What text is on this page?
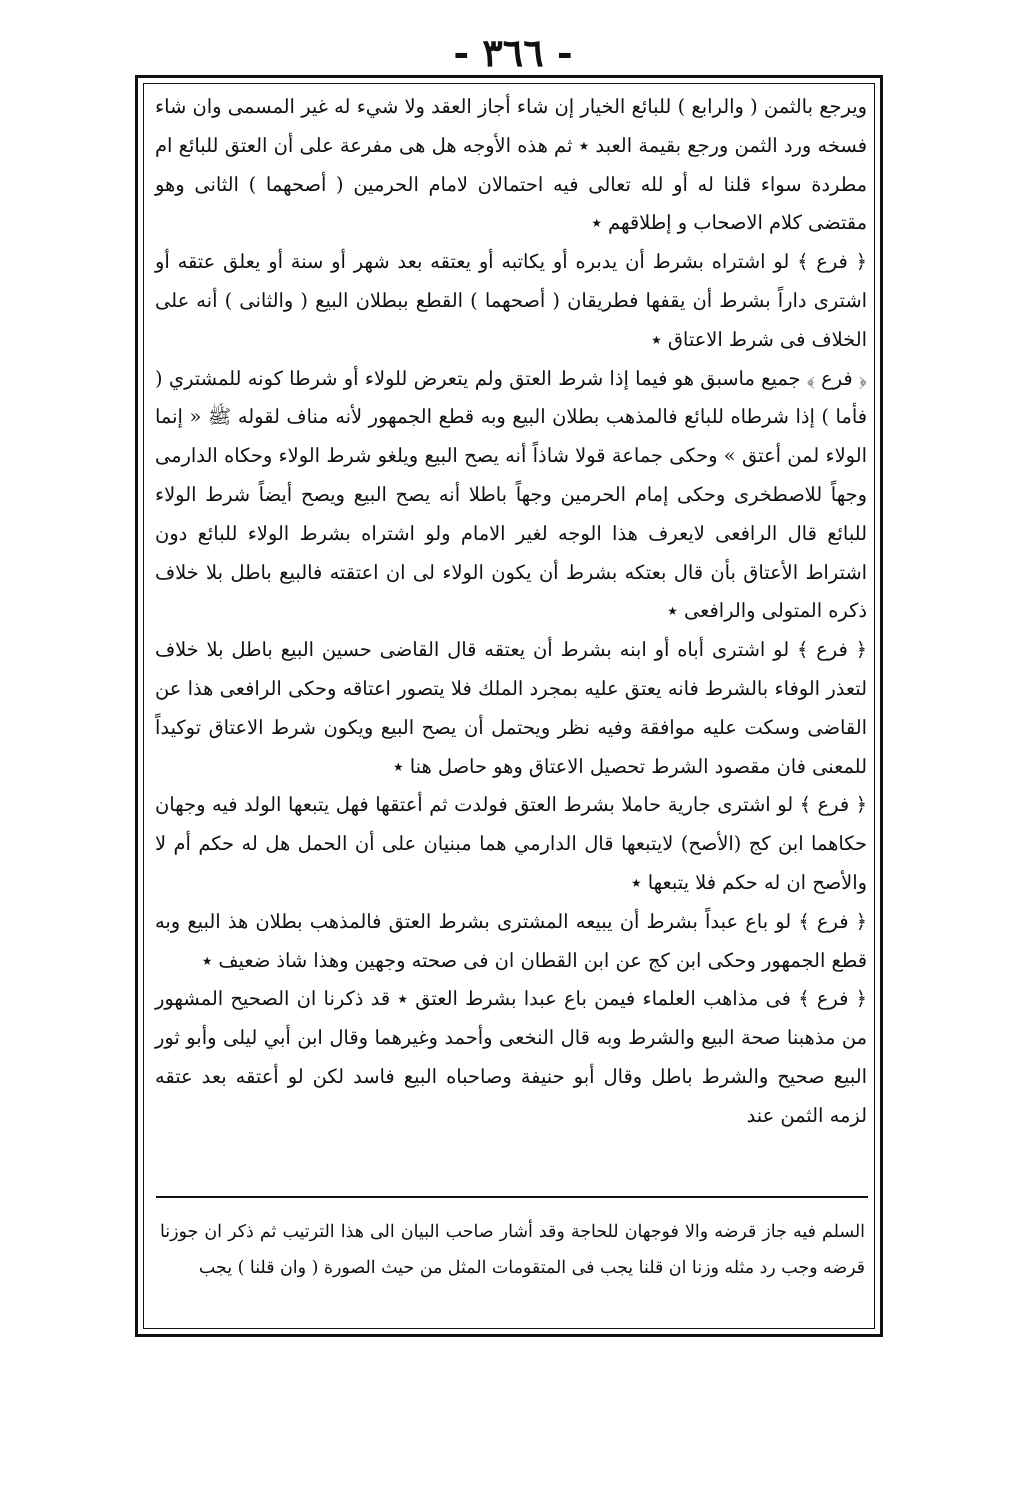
- ٣٦٦ -

ويرجع بالثمن ( والرابع ) للبائع الخيار إن شاء أجاز العقد ولا شيء له غير المسمى وان شاء فسخه ورد الثمن ورجع بقيمة العبد ٭ ثم هذه الأوجه هل هى مفرعة على أن العتق للبائع ام مطردة سواء قلنا له أو لله تعالى فيه احتمالان لامام الحرمين ( أصحهما ) الثانى وهو مقتضى كلام الاصحاب و إطلاقهم ٭

﴿ فرع ﴾ لو اشتراه بشرط أن يدبره أو يكاتبه أو يعتقه بعد شهر أو سنة أو يعلق عتقه أو اشترى داراً بشرط أن يقفها فطريقان ( أصحهما ) القطع ببطلان البيع ( والثانى ) أنه على الخلاف فى شرط الاعتاق ٭

﴿ فرع ﴾ جميع ماسبق هو فيما إذا شرط العتق ولم يتعرض للولاء أو شرطا كونه للمشتري ( فأما ) إذا شرطاه للبائع فالمذهب بطلان البيع وبه قطع الجمهور لأنه مناف لقوله ﷺ « إنما الولاء لمن أعتق » وحكى جماعة قولا شاذاً أنه يصح البيع ويلغو شرط الولاء وحكاه الدارمى وجهاً للاصطخرى وحكى إمام الحرمين وجهاً باطلا أنه يصح البيع ويصح أيضاً شرط الولاء للبائع قال الرافعى لايعرف هذا الوجه لغير الامام ولو اشتراه بشرط الولاء للبائع دون اشتراط الأعتاق بأن قال بعتكه بشرط أن يكون الولاء لى ان اعتقته فالبيع باطل بلا خلاف ذكره المتولى والرافعى ٭

﴿ فرع ﴾ لو اشترى أباه أو ابنه بشرط أن يعتقه قال القاضى حسين البيع باطل بلا خلاف لتعذر الوفاء بالشرط فانه يعتق عليه بمجرد الملك فلا يتصور اعتاقه وحكى الرافعى هذا عن القاضى وسكت عليه موافقة وفيه نظر ويحتمل أن يصح البيع ويكون شرط الاعتاق توكيداً للمعنى فان مقصود الشرط تحصيل الاعتاق وهو حاصل هنا ٭

﴿ فرع ﴾ لو اشترى جارية حاملا بشرط العتق فولدت ثم أعتقها فهل يتبعها الولد فيه وجهان حكاهما ابن كج (الأصح) لايتبعها قال الدارمي هما مبنيان على أن الحمل هل له حكم أم لا والأصح ان له حكم فلا يتبعها ٭

﴿ فرع ﴾ لو باع عبداً بشرط أن يبيعه المشترى بشرط العتق فالمذهب بطلان هذ البيع وبه قطع الجمهور وحكى ابن كج عن ابن القطان ان فى صحته وجهين وهذا شاذ ضعيف ٭

﴿ فرع ﴾ فى مذاهب العلماء فيمن باع عبدا بشرط العتق ٭ قد ذكرنا ان الصحيح المشهور من مذهبنا صحة البيع والشرط وبه قال النخعى وأحمد وغيرهما وقال ابن أبي ليلى وأبو ثور البيع صحيح والشرط باطل وقال أبو حنيفة وصاحباه البيع فاسد لكن لو أعتقه بعد عتقه لزمه الثمن عند

السلم فيه جاز قرضه والا فوجهان للحاجة وقد أشار صاحب البيان الى هذا الترتيب ثم ذكر ان جوزنا قرضه وجب رد مثله وزنا ان قلنا يجب فى المتقومات المثل من حيث الصورة ( وان قلنا ) يجب
